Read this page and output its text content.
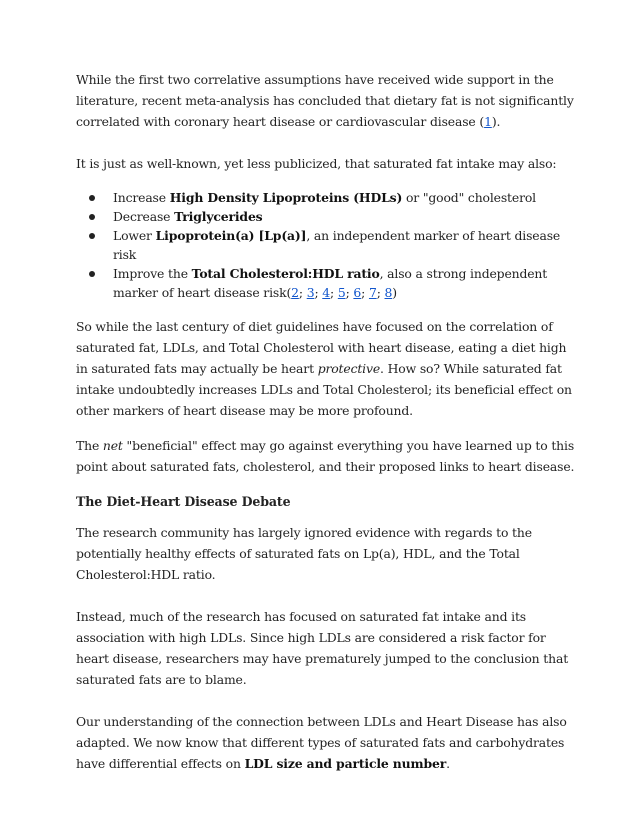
While the first two correlative assumptions have received wide support in the literature, recent meta-analysis has concluded that dietary fat is not significantly correlated with coronary heart disease or cardiovascular disease (1).

It is just as well-known, yet less publicized, that saturated fat intake may also:

Increase High Density Lipoproteins (HDLs) or "good" cholesterol
Decrease Triglycerides
Lower Lipoprotein(a) [Lp(a)], an independent marker of heart disease risk
Improve the Total Cholesterol:HDL ratio, also a strong independent marker of heart disease risk(2; 3; 4; 5; 6; 7; 8)

So while the last century of diet guidelines have focused on the correlation of saturated fat, LDLs, and Total Cholesterol with heart disease, eating a diet high in saturated fats may actually be heart protective. How so? While saturated fat intake undoubtedly increases LDLs and Total Cholesterol; its beneficial effect on other markers of heart disease may be more profound.

The net "beneficial" effect may go against everything you have learned up to this point about saturated fats, cholesterol, and their proposed links to heart disease.

The Diet-Heart Disease Debate

The research community has largely ignored evidence with regards to the potentially healthy effects of saturated fats on Lp(a), HDL, and the Total Cholesterol:HDL ratio.

Instead, much of the research has focused on saturated fat intake and its association with high LDLs. Since high LDLs are considered a risk factor for heart disease, researchers may have prematurely jumped to the conclusion that saturated fats are to blame.

Our understanding of the connection between LDLs and Heart Disease has also adapted. We now know that different types of saturated fats and carbohydrates have differential effects on LDL size and particle number.
